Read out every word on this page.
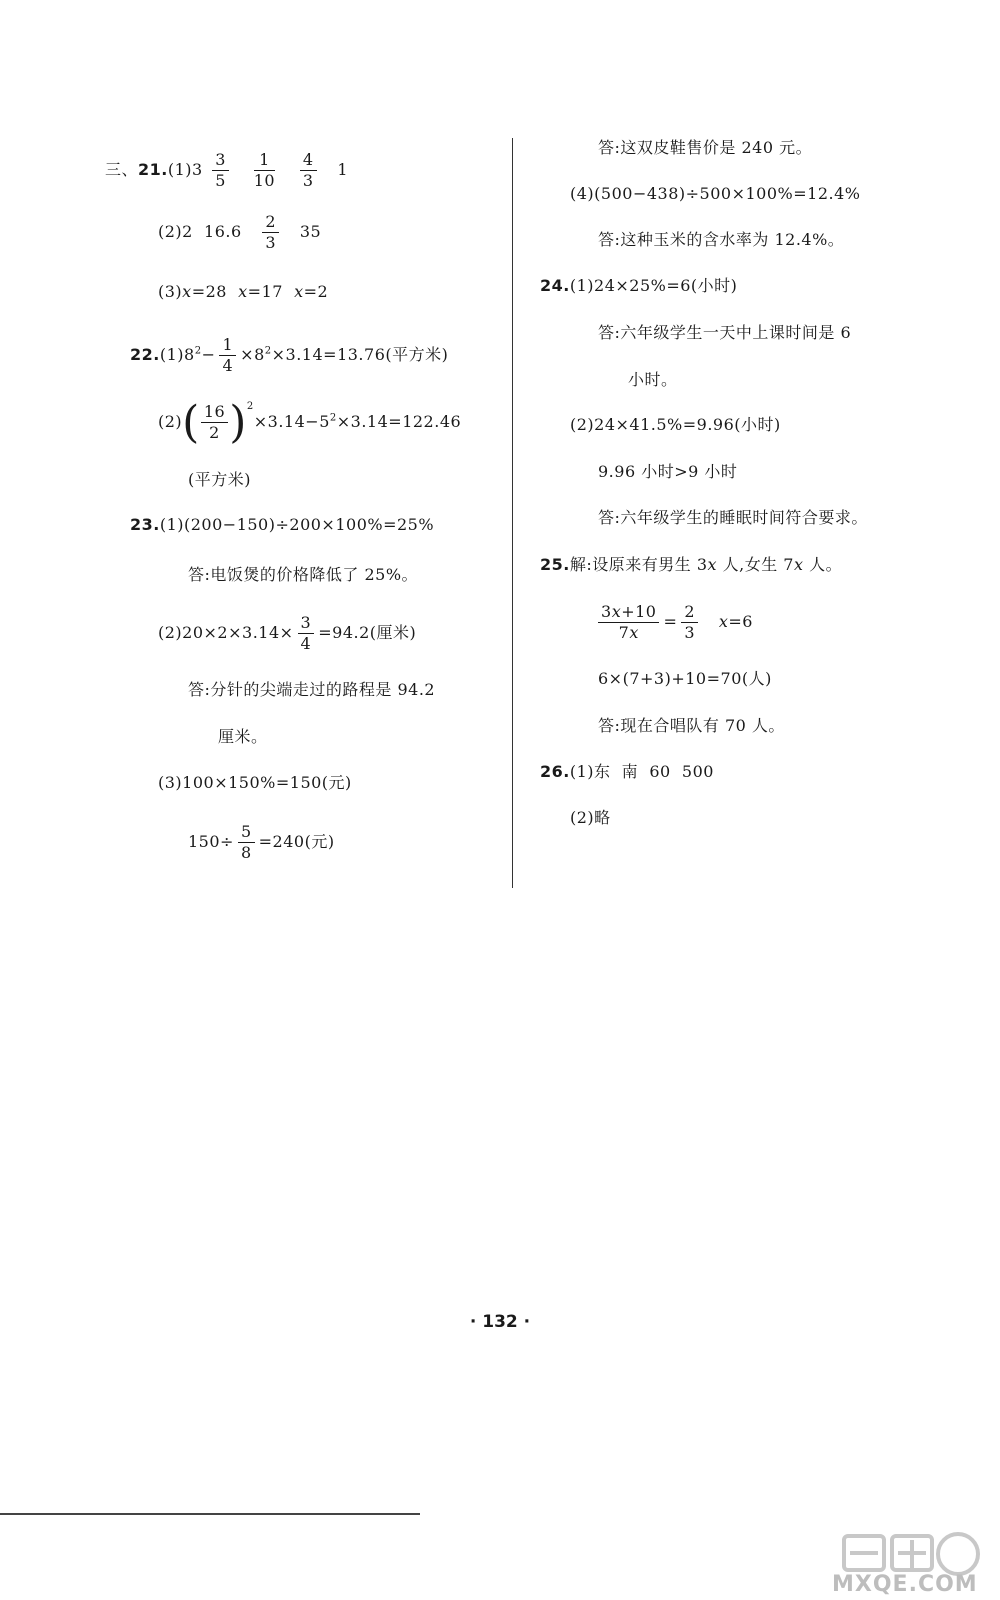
三、$21.(1)3 \frac{3}{5}$
$\frac{1}{10}$
$\frac{4}{3} 1$
(2)2  $16.6 \frac{2}{3} 35$
(3)x=28  x=17  x=2
$22.(1)8^2- \frac{1}{4} \times 8^2\times 3.14=13.76$(平方米)
$(2)( \frac{16}{2} )^2\times 3.14-5^2\times 3.14=122.46$
(平方米)
23.(1)(200−150)÷200×100%=25%
答:电饭煲的价格降低了 25%。
$(2)20\times 2\times 3.14\times \frac{3}{4} =94.2$(厘米)
答:分针的尖端走过的路程是 94.2
厘米。
(3)100×150%=150(元)
$150\div \frac{5}{8} =240$(元)
答:这双皮鞋售价是 240 元。
(4)(500−438)÷500×100%=12.4%
答:这种玉米的含水率为 12.4%。
24.(1)24×25%=6(小时)
答:六年级学生一天中上课时间是 6
小时。
(2)24×41.5%=9.96(小时)
9.96 小时>9 小时
答:六年级学生的睡眠时间符合要求。
25.解:设原来有男生 3x 人,女生 7x 人。
$\frac{3x+10}{7x} = \frac{2}{3} x=6$
6×(7+3)+10=70(人)
答:现在合唱队有 70 人。
26.(1)东  南  60  500
(2)略
· 132 ·
MXQE.COM
